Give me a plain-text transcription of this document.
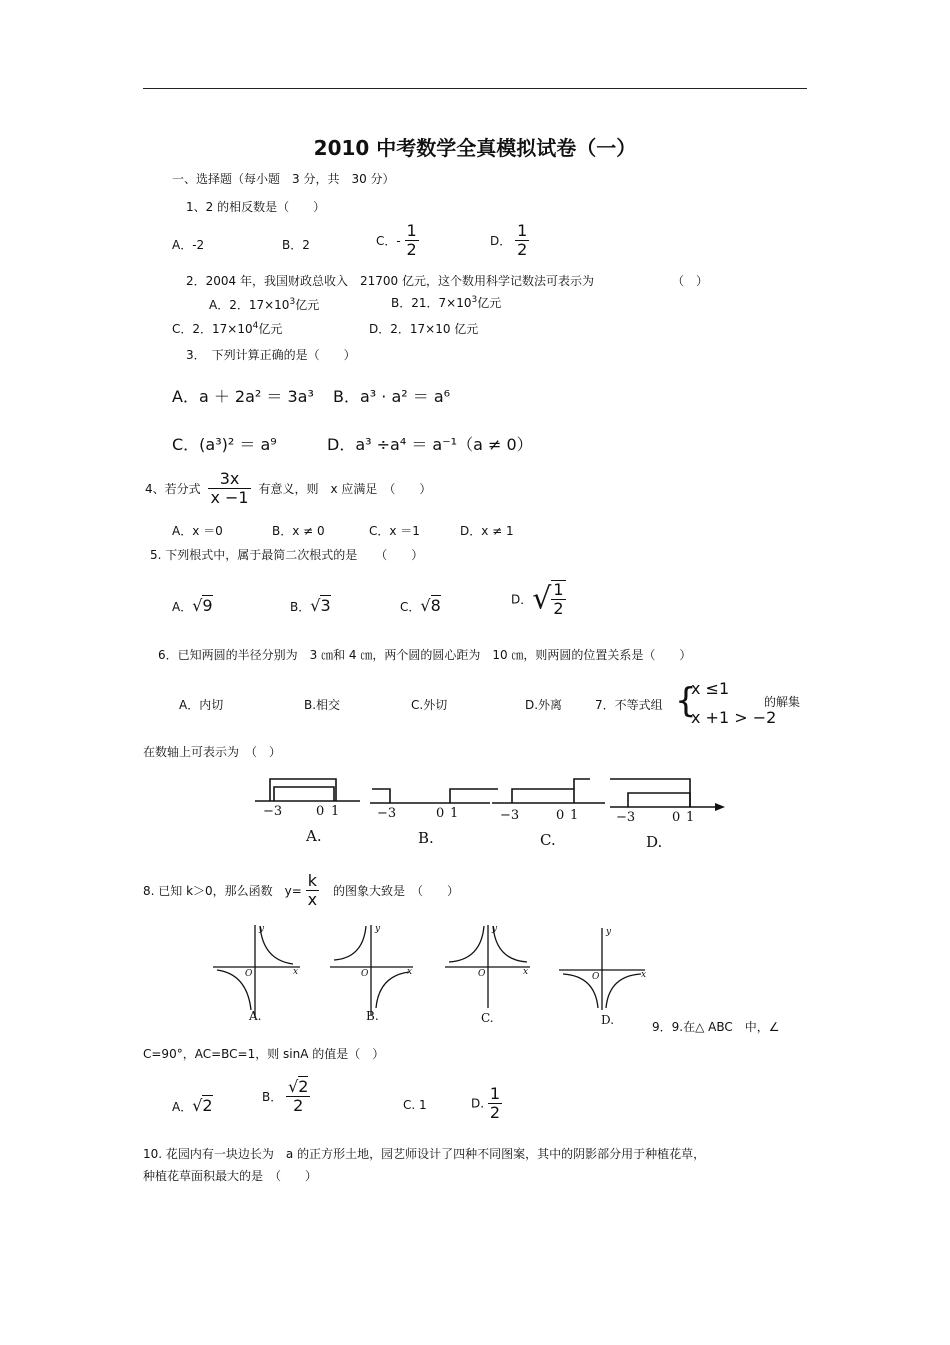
2010 中考数学全真模拟试卷（一）
一、选择题（每小题　3 分，共　30 分）
1、2 的相反数是（　　）
A．-2	B．2	C．- $\frac{1}{2}$	D． $\frac{1}{2}$
2．2004 年，我国财政总收入　21700 亿元，这个数用科学记数法可表示为	（　）
A．2．$17\times 10^3$亿元	B．21．$7\times 10^3$亿元
C．2．$17\times 10^4$亿元	D．2．17×10 亿元
3．　下列计算正确的是（　　）
A．a ＋ 2a² ＝ 3a³ B．a³ · a² ＝ a⁶
C．(a³)² ＝ a⁹	D．a³ ÷a⁴ ＝ a⁻¹（a ≠ 0）
4、若分式 $\frac{3x}{x -1}$ 有意义，则　x 应满足　（　　）
A．x ＝0	B．x ≠ 0	C．x ＝1	D．x ≠ 1
5. 下列根式中，属于最简二次根式的是　　（　　）
A．√9	B．√3	C．√8	D．√ $\frac{1}{2}$
6．已知两圆的半径分别为　3 ㎝和 4 ㎝，两个圆的圆心距为　10 ㎝，则两圆的位置关系是（　　）
A．内切	B.相交	C.外切	D.外离	7．不等式组 {
x ≤1
x +1 > −2
的解集
在数轴上可表示为　（　）
−3	0 1	−3	0 1	−3	0 1	−3	0 1
A.	B.	C.	D.
8. 已知 k＞0，那么函数　$y= \frac{k}{x}$ 的图象大致是　（　　）
y
x
O
y
x
O
y
x
O
y
x
O
A.	B.	C.	D.	9．9.在△ ABC　中，∠
C=90°，AC=BC=1，则 sinA 的值是（　）
A．√2	B． $\frac{√2}{2}$	C. 1	D. $\frac{1}{2}$
10. 花园内有一块边长为　a 的正方形土地，园艺师设计了四种不同图案，其中的阴影部分用于种植花草，
种植花草面积最大的是　（　　）
